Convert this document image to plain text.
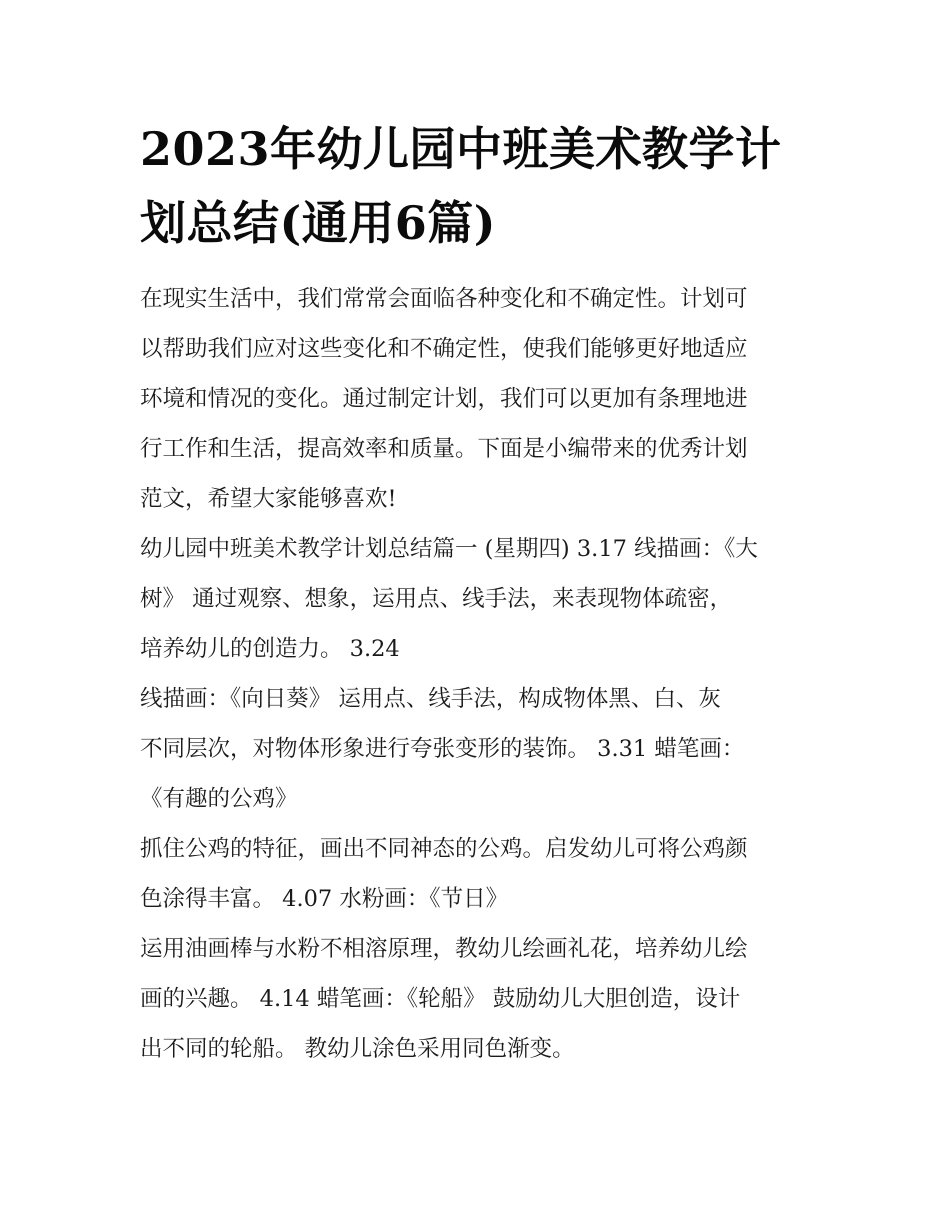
2023年幼儿园中班美术教学计
划总结(通用6篇)

在现实生活中，我们常常会面临各种变化和不确定性。计划可
以帮助我们应对这些变化和不确定性，使我们能够更好地适应
环境和情况的变化。通过制定计划，我们可以更加有条理地进
行工作和生活，提高效率和质量。下面是小编带来的优秀计划
范文，希望大家能够喜欢!

幼儿园中班美术教学计划总结篇一 (星期四) 3.17 线描画：《大
树》 通过观察、想象，运用点、线手法，来表现物体疏密，
培养幼儿的创造力。 3.24

线描画：《向日葵》 运用点、线手法，构成物体黑、白、灰
不同层次，对物体形象进行夸张变形的装饰。 3.31 蜡笔画：
《有趣的公鸡》

抓住公鸡的特征，画出不同神态的公鸡。启发幼儿可将公鸡颜
色涂得丰富。 4.07 水粉画：《节日》

运用油画棒与水粉不相溶原理，教幼儿绘画礼花，培养幼儿绘
画的兴趣。 4.14 蜡笔画：《轮船》 鼓励幼儿大胆创造，设计
出不同的轮船。 教幼儿涂色采用同色渐变。
